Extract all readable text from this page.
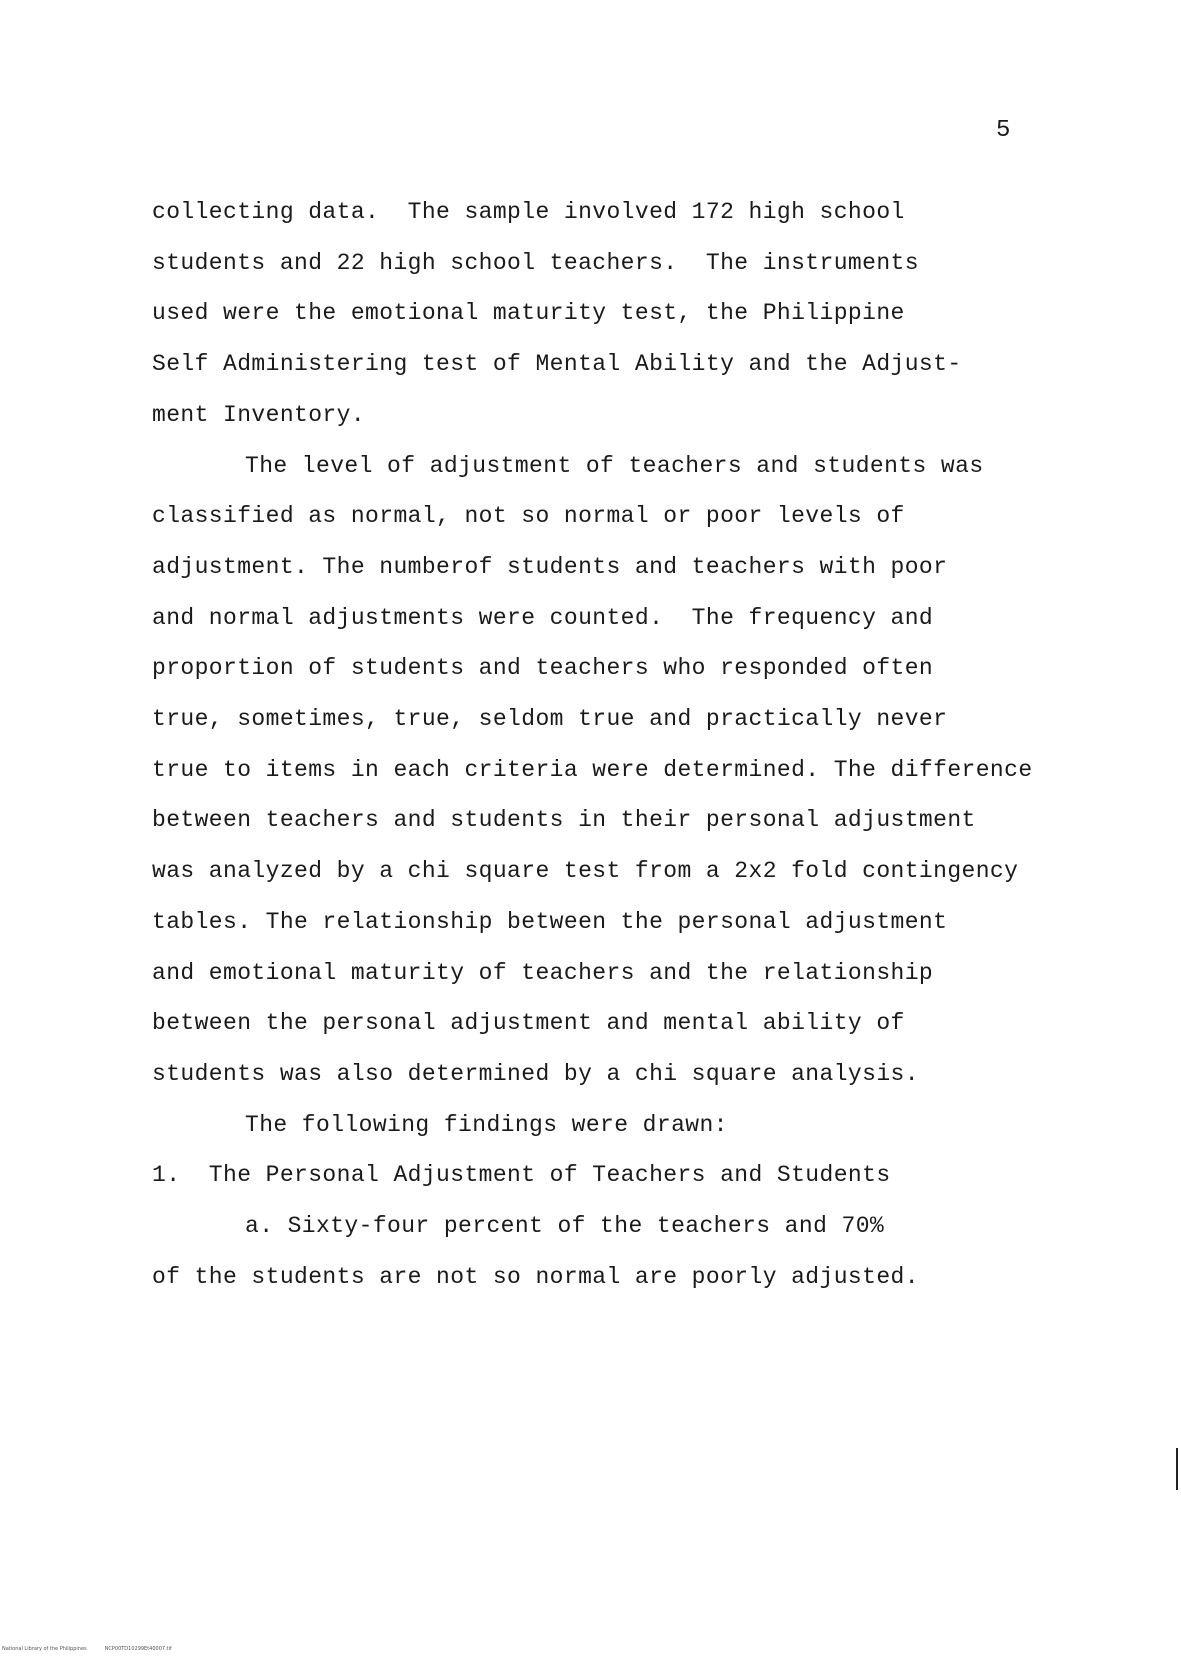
5
collecting data.  The sample involved 172 high school
students and 22 high school teachers.  The instruments
used were the emotional maturity test, the Philippine
Self Administering test of Mental Ability and the Adjust-
ment Inventory.
The level of adjustment of teachers and students was
classified as normal, not so normal or poor levels of
adjustment. The numberof students and teachers with poor
and normal adjustments were counted.  The frequency and
proportion of students and teachers who responded often
true, sometimes, true, seldom true and practically never
true to items in each criteria were determined. The difference
between teachers and students in their personal adjustment
was analyzed by a chi square test from a 2x2 fold contingency
tables. The relationship between the personal adjustment
and emotional maturity of teachers and the relationship
between the personal adjustment and mental ability of
students was also determined by a chi square analysis.
The following findings were drawn:
1.  The Personal Adjustment of Teachers and Students
a. Sixty-four percent of the teachers and 70%
of the students are not so normal are poorly adjusted.
National Library of the Philippines	NCP00TD10299Et40007.tif
